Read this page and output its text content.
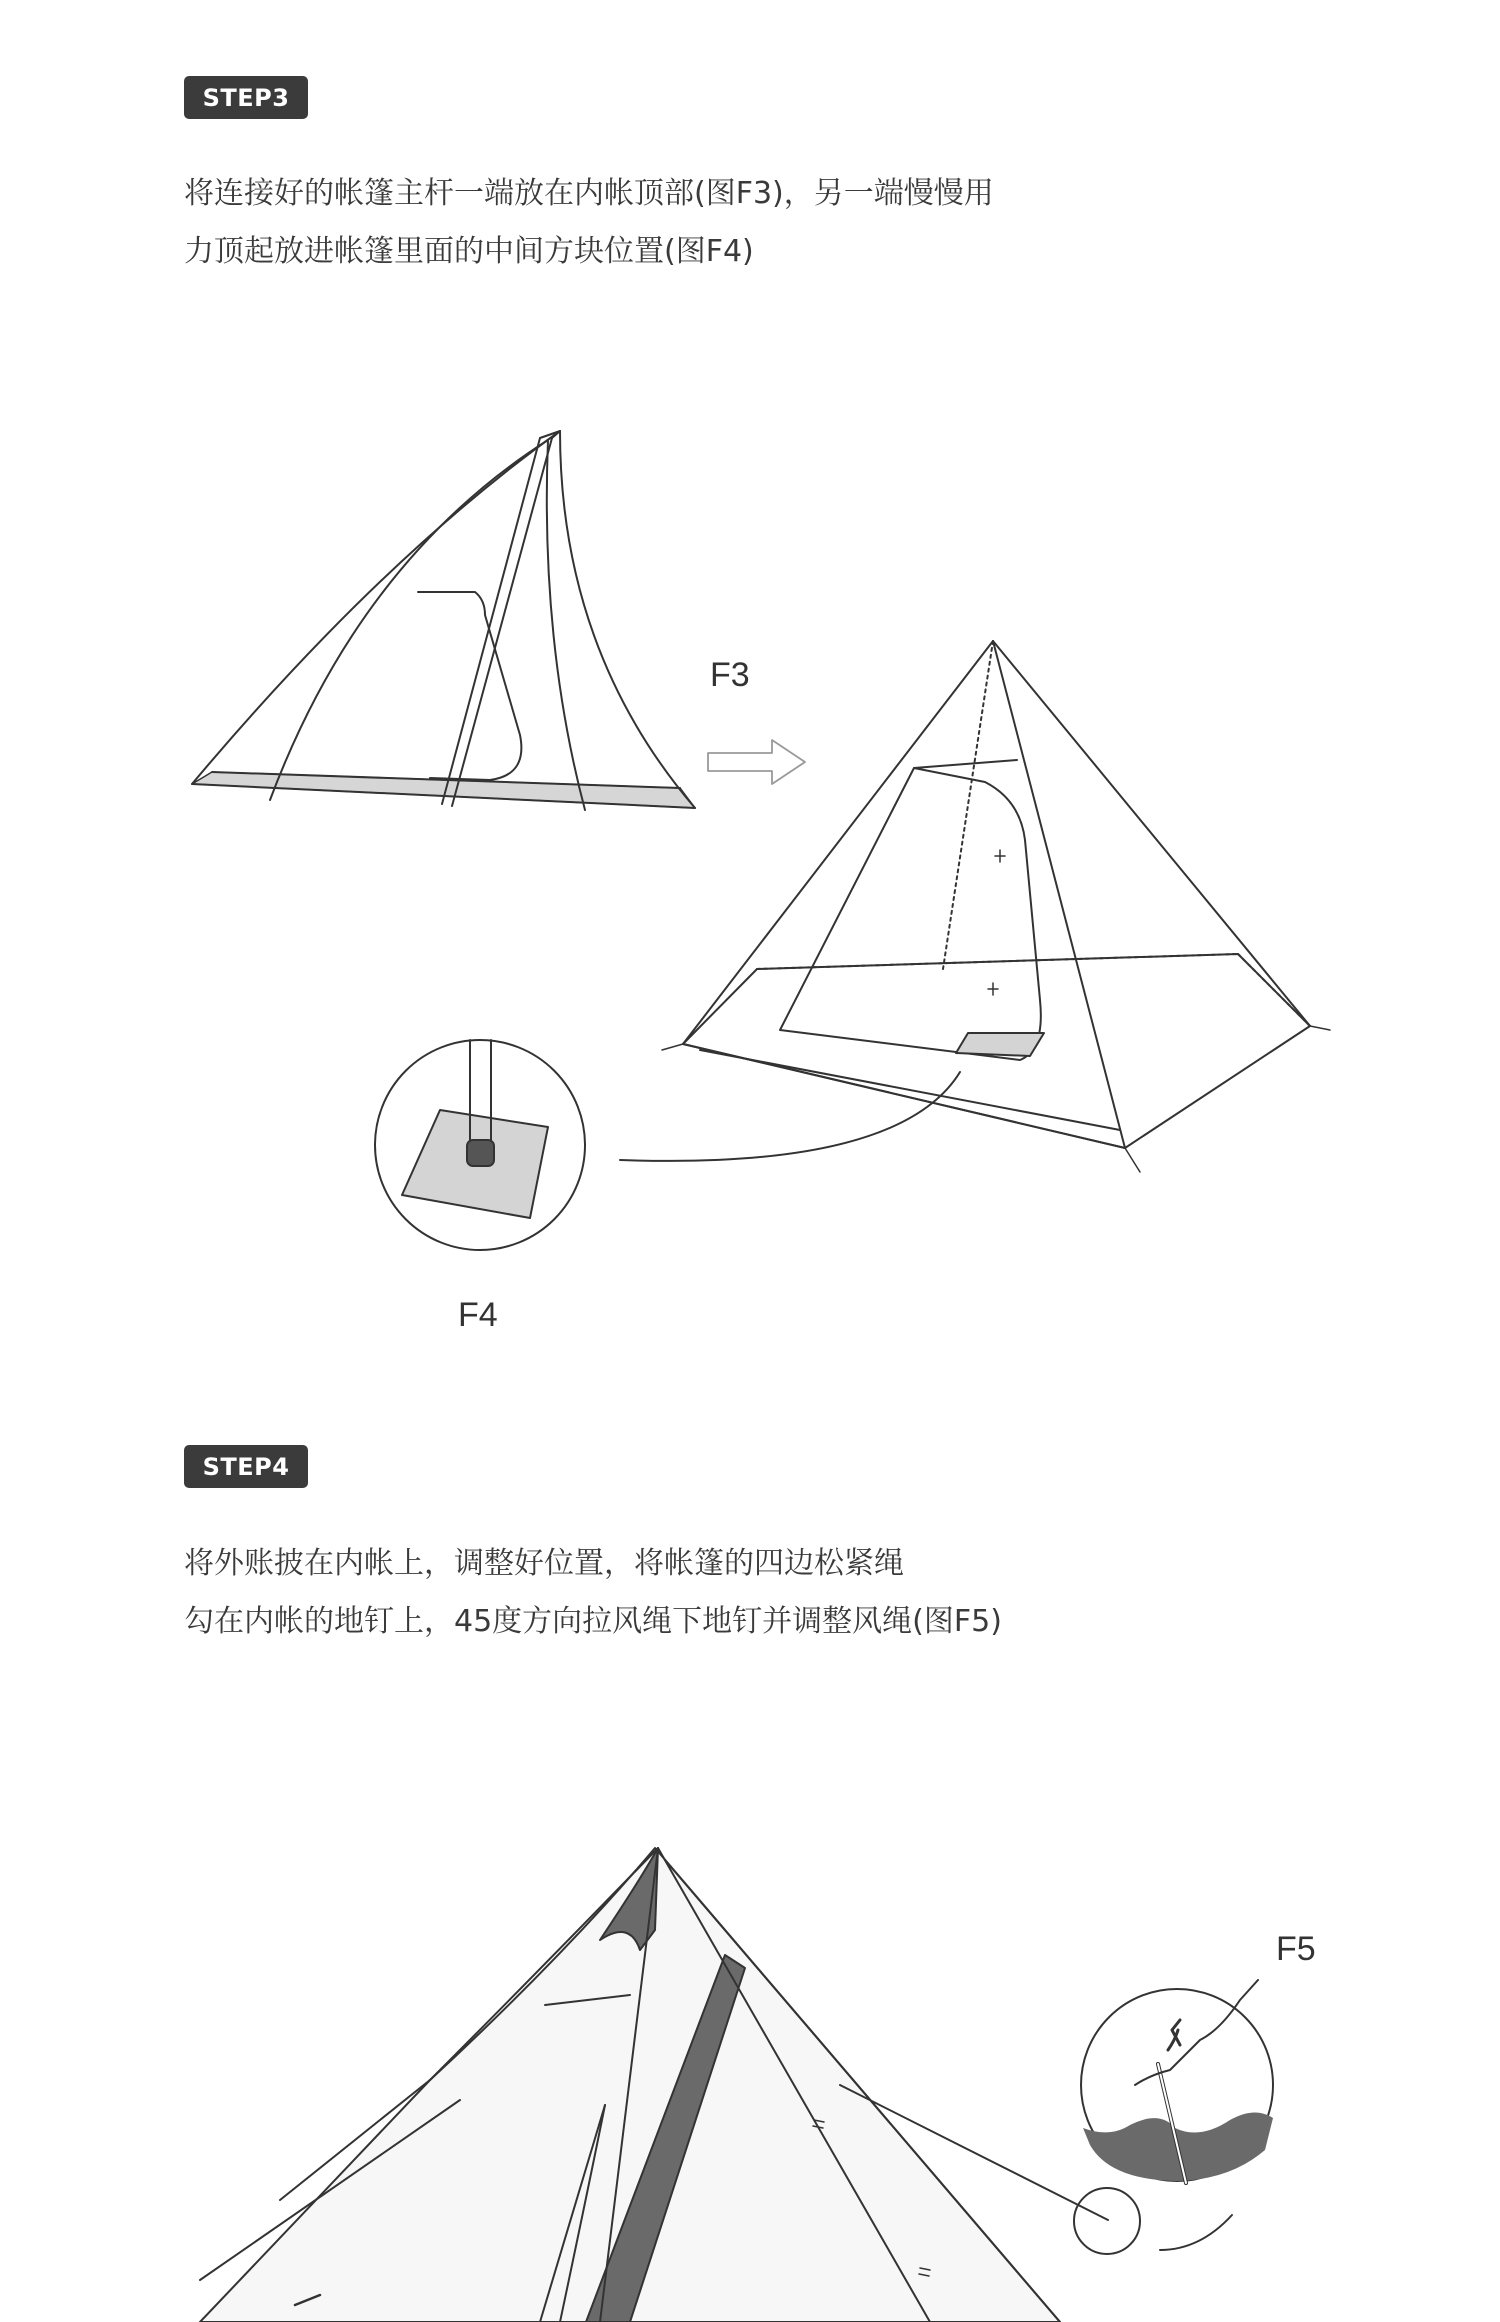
STEP3
将连接好的帐篷主杆一端放在内帐顶部(图F3)，另一端慢慢用
力顶起放进帐篷里面的中间方块位置(图F4)
F3
F4
STEP4
将外账披在内帐上，调整好位置，将帐篷的四边松紧绳
勾在内帐的地钉上，45度方向拉风绳下地钉并调整风绳(图F5)
F5
